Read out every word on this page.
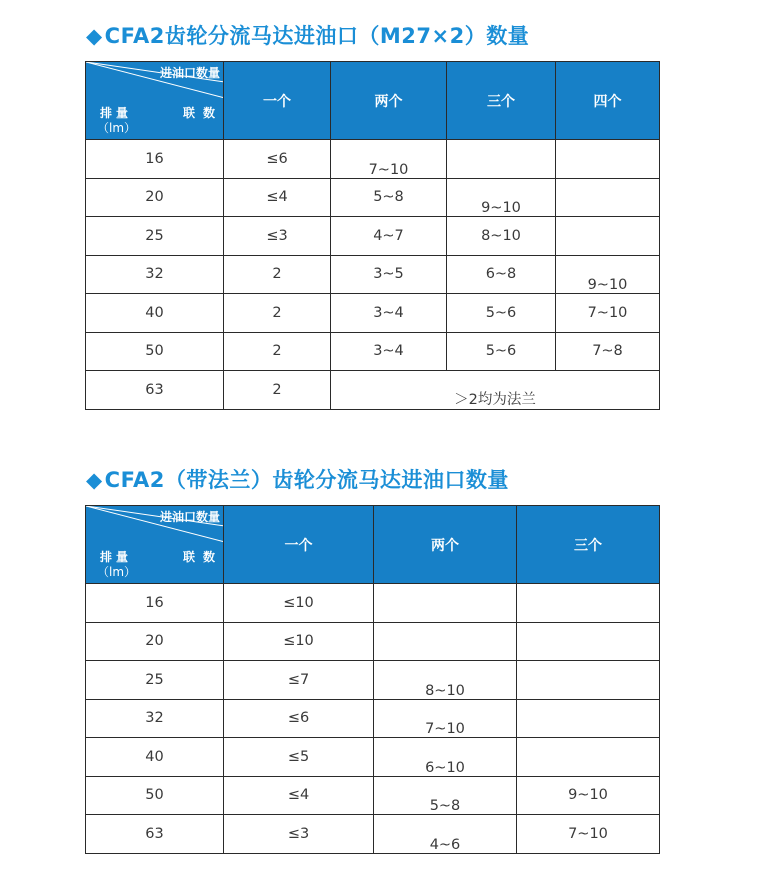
◆CFA2齿轮分流马达进油口（M27×2）数量
进油口数量
联数
排量
（lm）	一个	两个	三个	四个
16	≤6	7~10		
20	≤4	5~8	9~10	
25	≤3	4~7	8~10	
32	2	3~5	6~8	9~10
40	2	3~4	5~6	7~10
50	2	3~4	5~6	7~8
63	2	＞2均为法兰		
◆CFA2（带法兰）齿轮分流马达进油口数量
进油口数量
联数
排量
（lm）	一个	两个	三个
16	≤10		
20	≤10		
25	≤7	8~10	
32	≤6	7~10	
40	≤5	6~10	
50	≤4	5~8	9~10
63	≤3	4~6	7~10
